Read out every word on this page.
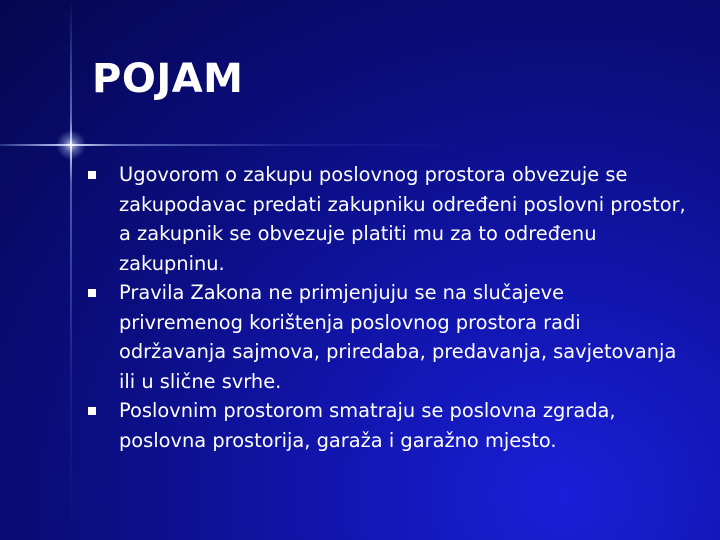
POJAM
Ugovorom o zakupu poslovnog prostora obvezuje se zakupodavac predati zakupniku određeni poslovni prostor, a zakupnik se obvezuje platiti mu za to određenu zakupninu.
Pravila Zakona ne primjenjuju se na slučajeve privremenog korištenja poslovnog prostora radi održavanja sajmova, priredaba, predavanja, savjetovanja ili u slične svrhe.
Poslovnim prostorom smatraju se poslovna zgrada, poslovna prostorija, garaža i garažno mjesto.
